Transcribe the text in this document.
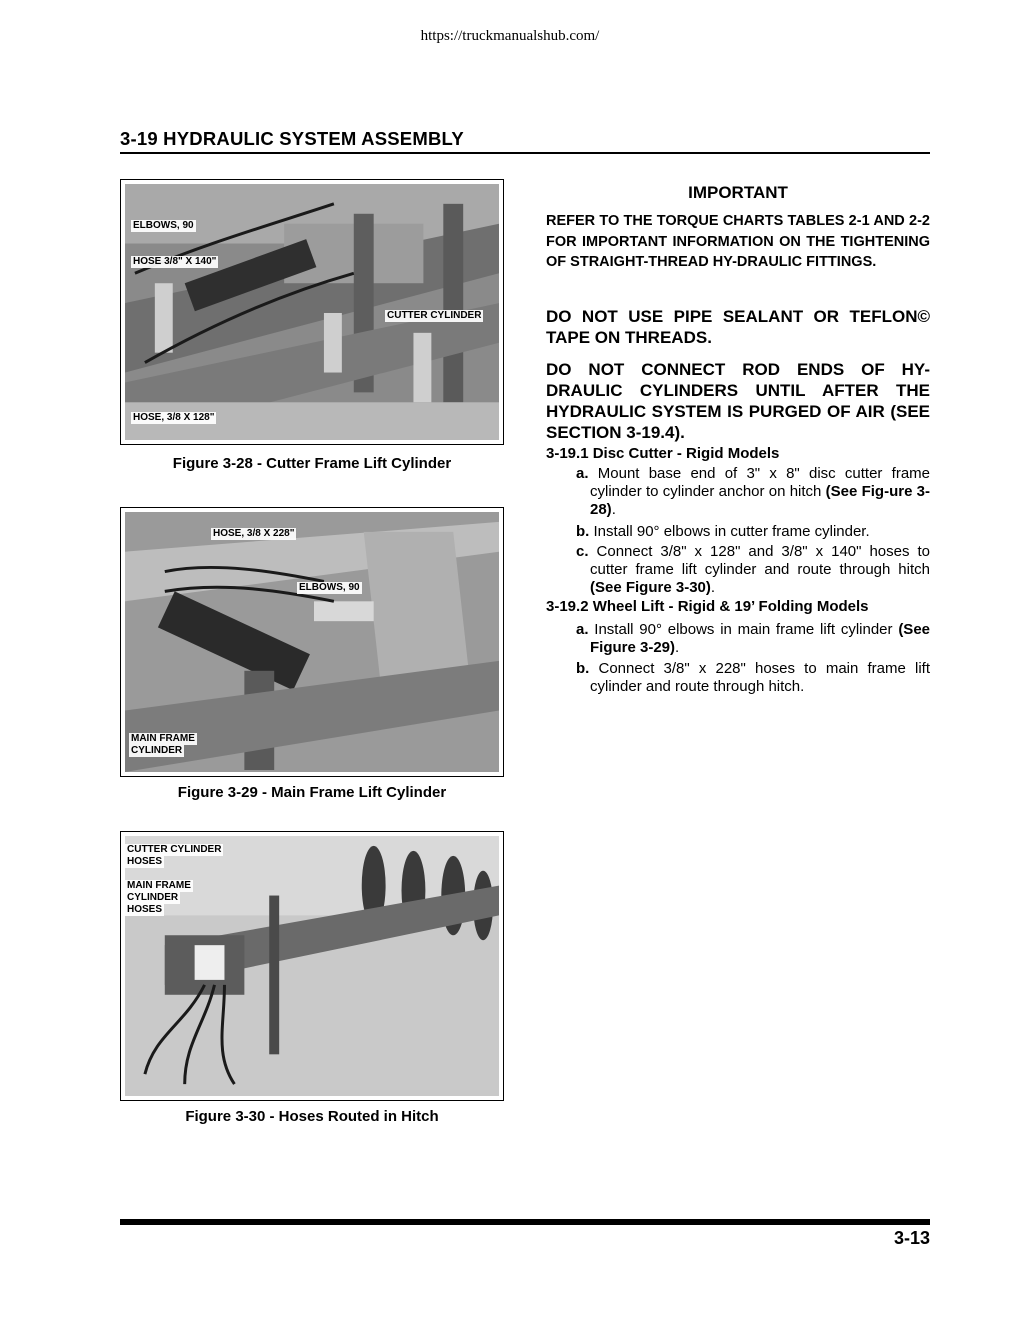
https://truckmanualshub.com/
3-19 HYDRAULIC SYSTEM ASSEMBLY
ELBOWS, 90
HOSE 3/8" X 140"
CUTTER CYLINDER
HOSE, 3/8 X 128"
Figure 3-28 - Cutter Frame Lift Cylinder
HOSE, 3/8 X 228"
ELBOWS, 90
MAIN FRAME
CYLINDER
Figure 3-29 - Main Frame Lift Cylinder
CUTTER CYLINDER
HOSES
MAIN FRAME
CYLINDER
HOSES
Figure 3-30 - Hoses Routed in Hitch
IMPORTANT
REFER TO THE TORQUE CHARTS TABLES 2-1 AND 2-2 FOR IMPORTANT INFORMATION ON THE TIGHTENING OF STRAIGHT-THREAD HY-DRAULIC FITTINGS.
DO NOT USE PIPE SEALANT OR TEFLON© TAPE ON THREADS.
DO NOT CONNECT ROD ENDS OF HY-DRAULIC CYLINDERS UNTIL AFTER THE HYDRAULIC SYSTEM IS PURGED OF AIR (SEE SECTION 3-19.4).
3-19.1 Disc Cutter - Rigid Models
a. Mount base end of 3" x 8" disc cutter frame cylinder to cylinder anchor on hitch (See Fig-ure 3-28).
b. Install 90° elbows in cutter frame cylinder.
c. Connect 3/8" x 128" and 3/8" x 140" hoses to cutter frame lift cylinder and route through hitch (See Figure 3-30).
3-19.2 Wheel Lift - Rigid & 19’ Folding Models
a. Install 90° elbows in main frame lift cylinder (See Figure 3-29).
b. Connect 3/8" x 228" hoses to main frame lift cylinder and route through hitch.
3-13
